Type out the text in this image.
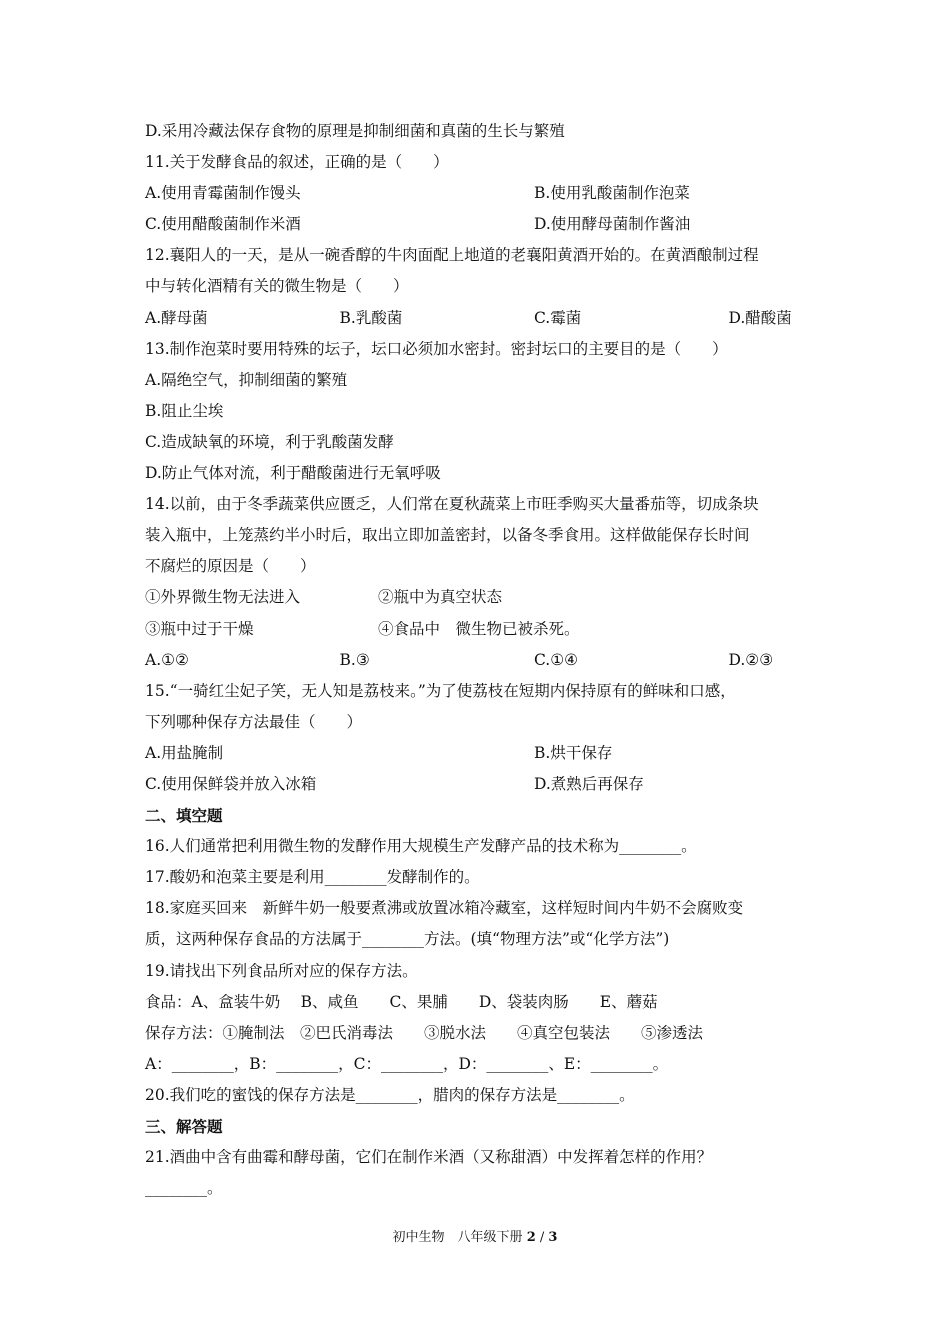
D.采用冷藏法保存食物的原理是抑制细菌和真菌的生长与繁殖
11.关于发酵食品的叙述，正确的是（　　）
A.使用青霉菌制作馒头	B.使用乳酸菌制作泡菜
C.使用醋酸菌制作米酒	D.使用酵母菌制作酱油
12.襄阳人的一天，是从一碗香醇的牛肉面配上地道的老襄阳黄酒开始的。在黄酒酿制过程
中与转化酒精有关的微生物是（　　）
A.酵母菌	B.乳酸菌	C.霉菌	D.醋酸菌
13.制作泡菜时要用特殊的坛子，坛口必须加水密封。密封坛口的主要目的是（　　）
A.隔绝空气，抑制细菌的繁殖
B.阻止尘埃
C.造成缺氧的环境，利于乳酸菌发酵
D.防止气体对流，利于醋酸菌进行无氧呼吸
14.以前，由于冬季蔬菜供应匮乏，人们常在夏秋蔬菜上市旺季购买大量番茄等，切成条块
装入瓶中，上笼蒸约半小时后，取出立即加盖密封，以备冬季食用。这样做能保存长时间
不腐烂的原因是（　　）
①外界微生物无法进入	②瓶中为真空状态
③瓶中过于干燥	④食品中　微生物已被杀死。
A.①②	B.③	C.①④	D.②③
15.“一骑红尘妃子笑，无人知是荔枝来。”为了使荔枝在短期内保持原有的鲜味和口感，
下列哪种保存方法最佳（　　）
A.用盐腌制	B.烘干保存
C.使用保鲜袋并放入冰箱	D.煮熟后再保存
二、填空题
16.人们通常把利用微生物的发酵作用大规模生产发酵产品的技术称为________。
17.酸奶和泡菜主要是利用________发酵制作的。
18.家庭买回来　新鲜牛奶一般要煮沸或放置冰箱冷藏室，这样短时间内牛奶不会腐败变
质，这两种保存食品的方法属于________方法。(填“物理方法”或“化学方法”)
19.请找出下列食品所对应的保存方法。
食品：A、盒装牛奶　 B、咸鱼　　C、果脯　　D、袋装肉肠　　E、蘑菇
保存方法：①腌制法　②巴氏消毒法　　③脱水法　　④真空包装法　　⑤渗透法
A：________，B：________，C：________，D：________、E：________。
20.我们吃的蜜饯的保存方法是________，腊肉的保存方法是________。
三、解答题
21.酒曲中含有曲霉和酵母菌，它们在制作米酒（又称甜酒）中发挥着怎样的作用？
________。
初中生物　八年级下册 2 / 3
